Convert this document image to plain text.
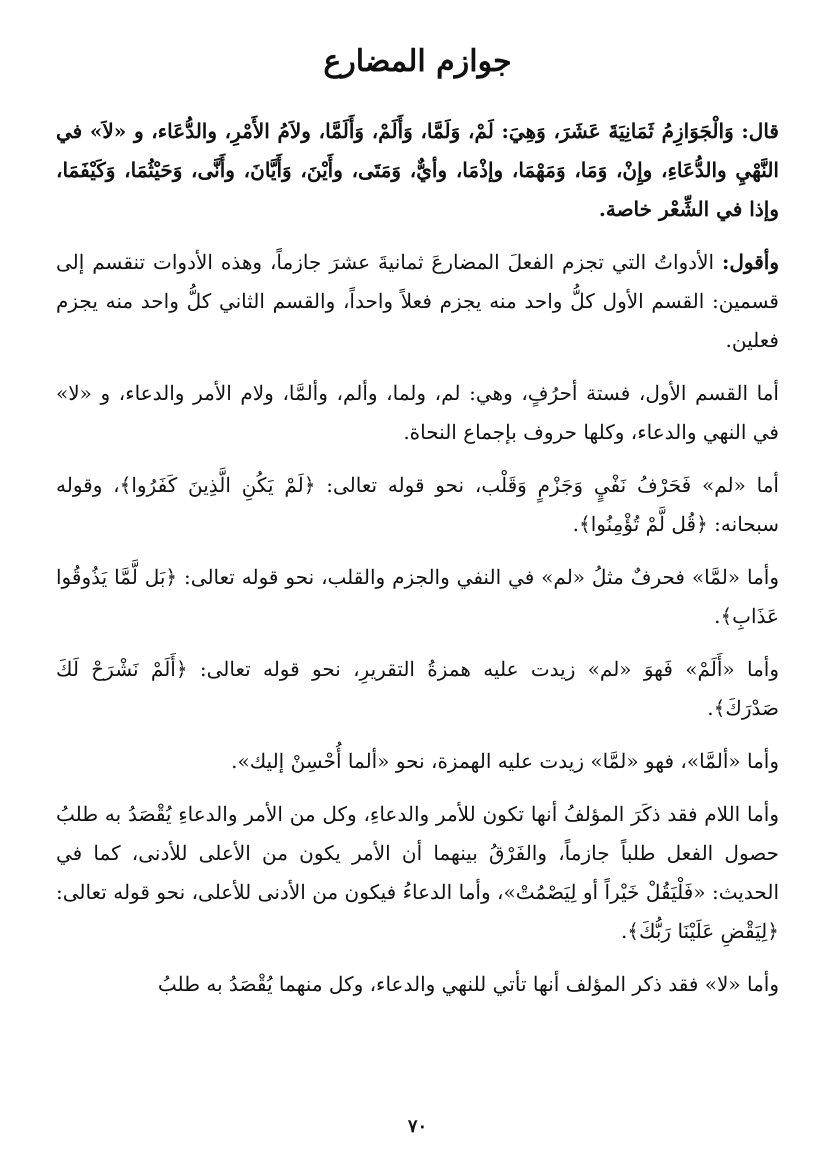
جوازم المضارع

قال: وَالْجَوَازِمُ ثَمَانِيَةَ عَشَرَ، وَهِيَ: لَمْ، وَلَمَّا، وَأَلَمْ، وَأَلَمَّا، ولاَمُ الأَمْرِ، والدُّعَاء، و «لاَ» في النَّهْيِ والدُّعَاءِ، وإِنْ، وَمَا، وَمَهْمَا، وإذْمَا، وأيٌّ، وَمَتَى، وأَيْنَ، وَأَيَّانَ، وأَنَّى، وَحَيْثُمَا، وَكَيْفَمَا، وإذا في الشِّعْر خاصة.

وأقول: الأدواتُ التي تجزم الفعلَ المضارعَ ثمانيةَ عشرَ جازماً، وهذه الأدوات تنقسم إلى قسمين: القسم الأول كلُّ واحد منه يجزم فعلاً واحداً، والقسم الثاني كلُّ واحد منه يجزم فعلين.

أما القسم الأول، فستة أحرُفٍ، وهي: لم، ولما، وألم، وألمَّا، ولام الأمر والدعاء، و «لا» في النهي والدعاء، وكلها حروف بإجماع النحاة.

أما «لم» فَحَرْفُ نَفْيٍ وَجَزْمٍ وَقَلْب، نحو قوله تعالى: ﴿لَمْ يَكُنِ الَّذِينَ كَفَرُوا﴾، وقوله سبحانه: ﴿قُل لَّمْ تُؤْمِنُوا﴾.

وأما «لمَّا» فحرفٌ مثلُ «لم» في النفي والجزم والقلب، نحو قوله تعالى: ﴿بَل لَّمَّا يَذُوقُوا عَذَابِ﴾.

وأما «أَلَمْ» فَهوَ «لم» زيدت عليه همزةُ التقريرِ، نحو قوله تعالى: ﴿أَلَمْ نَشْرَحْ لَكَ صَدْرَكَ﴾.

وأما «ألمَّا»، فهو «لمَّا» زيدت عليه الهمزة، نحو «ألما أُحْسِنْ إليك».

وأما اللام فقد ذكَرَ المؤلفُ أنها تكون للأمر والدعاءِ، وكل من الأمر والدعاءِ يُقْصَدُ به طلبُ حصول الفعل طلباً جازماً، والفَرْقُ بينهما أن الأمر يكون من الأعلى للأدنى، كما في الحديث: «فَلْيَقُلْ خَيْراً أو لِيَصْمُتْ»، وأما الدعاءُ فيكون من الأدنى للأعلى، نحو قوله تعالى: ﴿لِيَقْضِ عَلَيْنَا رَبُّكَ﴾.

وأما «لا» فقد ذكر المؤلف أنها تأتي للنهي والدعاء، وكل منهما يُقْصَدُ به طلبُ

٧٠
